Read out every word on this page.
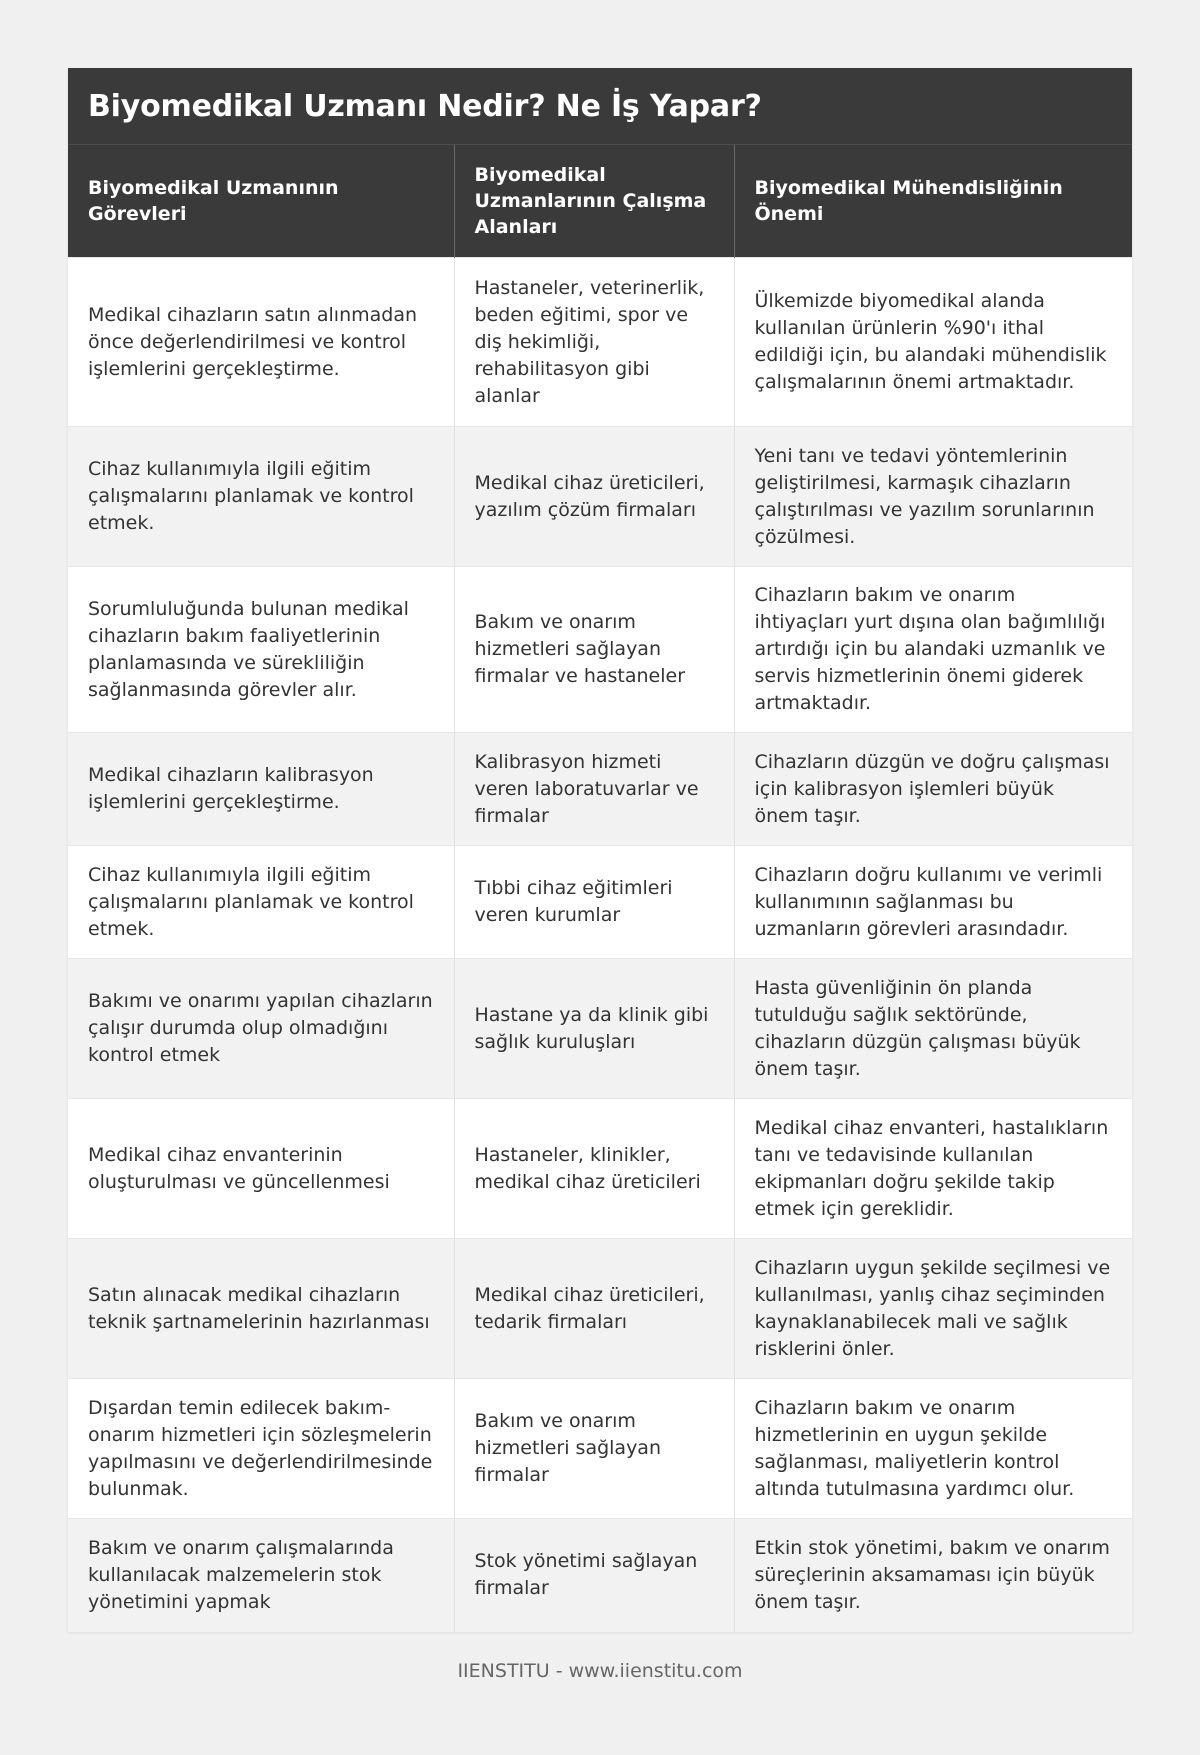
Biyomedikal Uzmanı Nedir? Ne İş Yapar?
Biyomedikal Uzmanının Görevleri	Biyomedikal Uzmanlarının Çalışma Alanları	Biyomedikal Mühendisliğinin Önemi
Medikal cihazların satın alınmadan önce değerlendirilmesi ve kontrol işlemlerini gerçekleştirme.	Hastaneler, veterinerlik, beden eğitimi, spor ve diş hekimliği, rehabilitasyon gibi alanlar	Ülkemizde biyomedikal alanda kullanılan ürünlerin %90'ı ithal edildiği için, bu alandaki mühendislik çalışmalarının önemi artmaktadır.
Cihaz kullanımıyla ilgili eğitim çalışmalarını planlamak ve kontrol etmek.	Medikal cihaz üreticileri, yazılım çözüm firmaları	Yeni tanı ve tedavi yöntemlerinin geliştirilmesi, karmaşık cihazların çalıştırılması ve yazılım sorunlarının çözülmesi.
Sorumluluğunda bulunan medikal cihazların bakım faaliyetlerinin planlamasında ve sürekliliğin sağlanmasında görevler alır.	Bakım ve onarım hizmetleri sağlayan firmalar ve hastaneler	Cihazların bakım ve onarım ihtiyaçları yurt dışına olan bağımlılığı artırdığı için bu alandaki uzmanlık ve servis hizmetlerinin önemi giderek artmaktadır.
Medikal cihazların kalibrasyon işlemlerini gerçekleştirme.	Kalibrasyon hizmeti veren laboratuvarlar ve firmalar	Cihazların düzgün ve doğru çalışması için kalibrasyon işlemleri büyük önem taşır.
Cihaz kullanımıyla ilgili eğitim çalışmalarını planlamak ve kontrol etmek.	Tıbbi cihaz eğitimleri veren kurumlar	Cihazların doğru kullanımı ve verimli kullanımının sağlanması bu uzmanların görevleri arasındadır.
Bakımı ve onarımı yapılan cihazların çalışır durumda olup olmadığını kontrol etmek	Hastane ya da klinik gibi sağlık kuruluşları	Hasta güvenliğinin ön planda tutulduğu sağlık sektöründe, cihazların düzgün çalışması büyük önem taşır.
Medikal cihaz envanterinin oluşturulması ve güncellenmesi	Hastaneler, klinikler, medikal cihaz üreticileri	Medikal cihaz envanteri, hastalıkların tanı ve tedavisinde kullanılan ekipmanları doğru şekilde takip etmek için gereklidir.
Satın alınacak medikal cihazların teknik şartnamelerinin hazırlanması	Medikal cihaz üreticileri, tedarik firmaları	Cihazların uygun şekilde seçilmesi ve kullanılması, yanlış cihaz seçiminden kaynaklanabilecek mali ve sağlık risklerini önler.
Dışardan temin edilecek bakım-onarım hizmetleri için sözleşmelerin yapılmasını ve değerlendirilmesinde bulunmak.	Bakım ve onarım hizmetleri sağlayan firmalar	Cihazların bakım ve onarım hizmetlerinin en uygun şekilde sağlanması, maliyetlerin kontrol altında tutulmasına yardımcı olur.
Bakım ve onarım çalışmalarında kullanılacak malzemelerin stok yönetimini yapmak	Stok yönetimi sağlayan firmalar	Etkin stok yönetimi, bakım ve onarım süreçlerinin aksamaması için büyük önem taşır.
IIENSTITU - www.iienstitu.com
